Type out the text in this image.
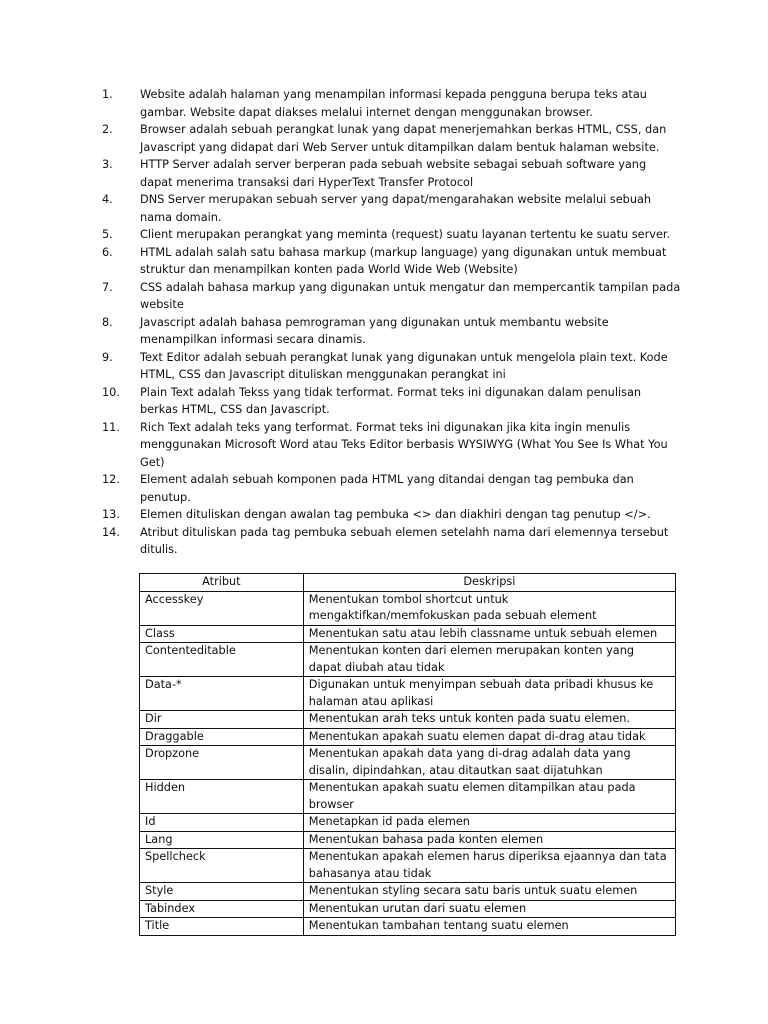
1.	Website adalah halaman yang menampilan informasi kepada pengguna berupa teks atau gambar. Website dapat diakses melalui internet dengan menggunakan browser.
2.	Browser adalah sebuah perangkat lunak yang dapat menerjemahkan berkas HTML, CSS, dan Javascript yang didapat dari Web Server untuk ditampilkan dalam bentuk halaman website.
3.	HTTP Server adalah server berperan pada sebuah website sebagai sebuah software yang dapat menerima transaksi dari HyperText Transfer Protocol
4.	DNS Server merupakan sebuah server yang dapat/mengarahakan website melalui sebuah nama domain.
5.	Client merupakan perangkat yang meminta (request) suatu layanan tertentu ke suatu server.
6.	HTML adalah salah satu bahasa markup (markup language) yang digunakan untuk membuat struktur dan menampilkan konten pada World Wide Web (Website)
7.	CSS adalah bahasa markup yang digunakan untuk mengatur dan mempercantik tampilan pada website
8.	Javascript adalah bahasa pemrograman yang digunakan untuk membantu website menampilkan informasi secara dinamis.
9.	Text Editor adalah sebuah perangkat lunak yang digunakan untuk mengelola plain text. Kode HTML, CSS dan Javascript dituliskan menggunakan perangkat ini
10.	Plain Text adalah Tekss yang tidak terformat. Format teks ini digunakan dalam penulisan berkas HTML, CSS dan Javascript.
11.	Rich Text adalah teks yang terformat. Format teks ini digunakan jika kita ingin menulis menggunakan Microsoft Word atau Teks Editor berbasis WYSIWYG (What You See Is What You Get)
12.	Element adalah sebuah komponen pada HTML yang ditandai dengan tag pembuka dan penutup.
13.	Elemen dituliskan dengan awalan tag pembuka <> dan diakhiri dengan tag penutup </>.
14.	Atribut dituliskan pada tag pembuka sebuah elemen setelahh nama dari elemennya tersebut ditulis.
Atribut	Deskripsi
Accesskey	Menentukan tombol shortcut untuk mengaktifkan/memfokuskan pada sebuah element
Class	Menentukan satu atau lebih classname untuk sebuah elemen
Contenteditable	Menentukan konten dari elemen merupakan konten yang dapat diubah atau tidak
Data-*	Digunakan untuk menyimpan sebuah data pribadi khusus ke halaman atau aplikasi
Dir	Menentukan arah teks untuk konten pada suatu elemen.
Draggable	Menentukan apakah suatu elemen dapat di-drag atau tidak
Dropzone	Menentukan apakah data yang di-drag adalah data yang disalin, dipindahkan, atau ditautkan saat dijatuhkan
Hidden	Menentukan apakah suatu elemen ditampilkan atau pada browser
Id	Menetapkan id pada elemen
Lang	Menentukan bahasa pada konten elemen
Spellcheck	Menentukan apakah elemen harus diperiksa ejaannya dan tata bahasanya atau tidak
Style	Menentukan styling secara satu baris untuk suatu elemen
Tabindex	Menentukan urutan dari suatu elemen
Title	Menentukan tambahan tentang suatu elemen
